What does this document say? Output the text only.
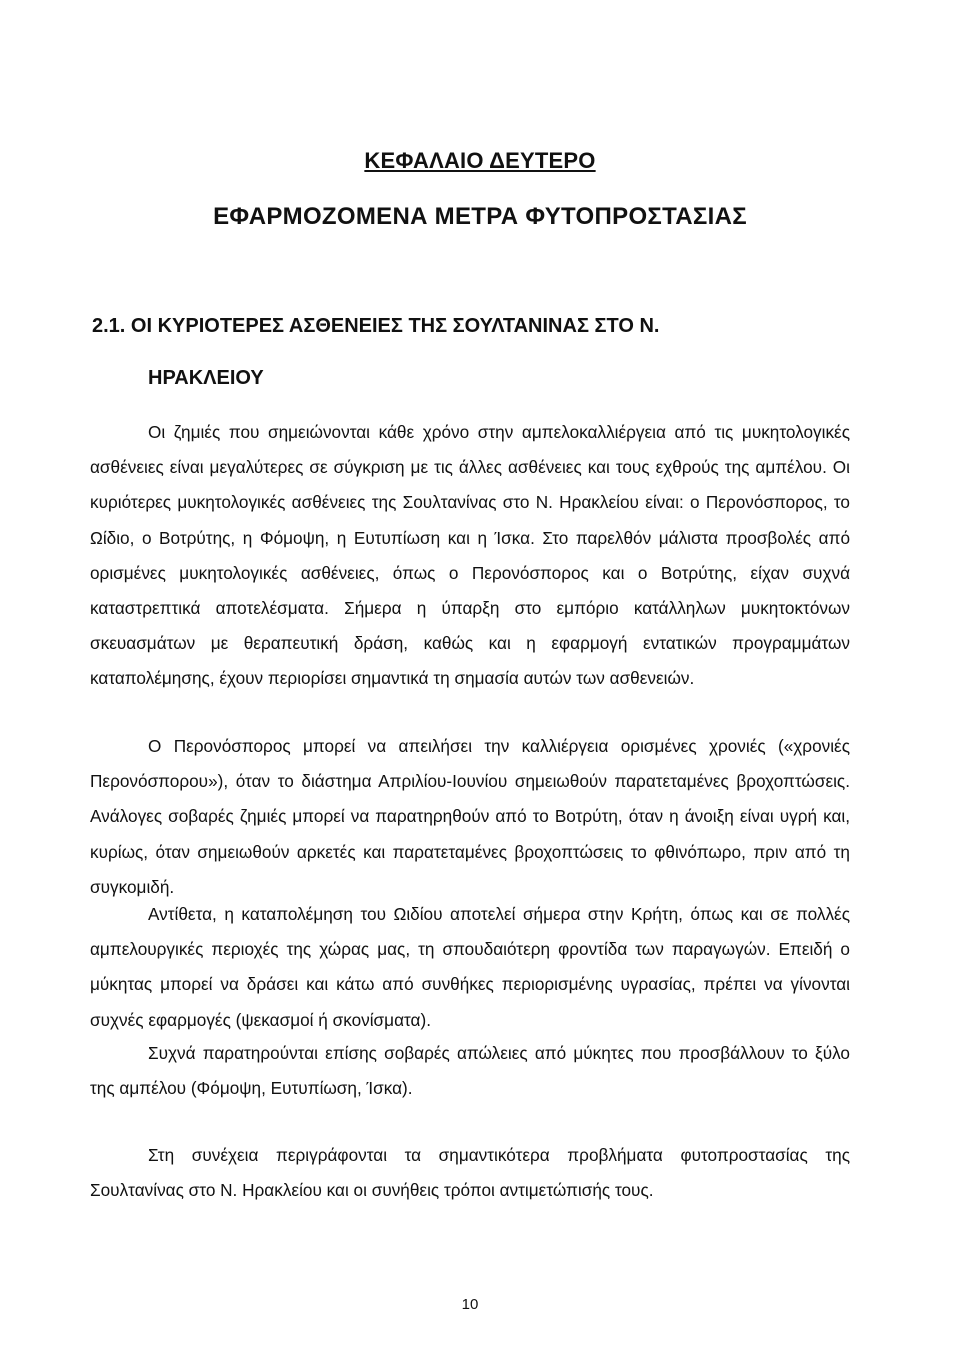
ΚΕΦΑΛΑΙΟ ΔΕΥΤΕΡΟ
ΕΦΑΡΜΟΖΟΜΕΝΑ ΜΕΤΡΑ ΦΥΤΟΠΡΟΣΤΑΣΙΑΣ
2.1. ΟΙ ΚΥΡΙΟΤΕΡΕΣ ΑΣΘΕΝΕΙΕΣ ΤΗΣ ΣΟΥΛΤΑΝΙΝΑΣ ΣΤΟ Ν.
ΗΡΑΚΛΕΙΟΥ

Οι ζημιές που σημειώνονται κάθε χρόνο στην αμπελοκαλλιέργεια από τις μυκητολογικές ασθένειες είναι μεγαλύτερες σε σύγκριση με τις άλλες ασθένειες και τους εχθρούς της αμπέλου. Οι κυριότερες μυκητολογικές ασθένειες της Σουλτανίνας στο Ν. Ηρακλείου είναι: ο Περονόσπορος, το Ωίδιο, ο Βοτρύτης, η Φόμοψη, η Ευτυπίωση και η Ίσκα. Στο παρελθόν μάλιστα προσβολές από ορισμένες μυκητολογικές ασθένειες, όπως ο Περονόσπορος και ο Βοτρύτης, είχαν συχνά καταστρεπτικά αποτελέσματα. Σήμερα η ύπαρξη στο εμπόριο κατάλληλων μυκητοκτόνων σκευασμάτων με θεραπευτική δράση, καθώς και η εφαρμογή εντατικών προγραμμάτων καταπολέμησης, έχουν περιορίσει σημαντικά τη σημασία αυτών των ασθενειών.

Ο Περονόσπορος μπορεί να απειλήσει την καλλιέργεια ορισμένες χρονιές («χρονιές Περονόσπορου»), όταν το διάστημα Απριλίου-Ιουνίου σημειωθούν παρατεταμένες βροχοπτώσεις. Ανάλογες σοβαρές ζημιές μπορεί να παρατηρηθούν από το Βοτρύτη, όταν η άνοιξη είναι υγρή και, κυρίως, όταν σημειωθούν αρκετές και παρατεταμένες βροχοπτώσεις το φθινόπωρο, πριν από τη συγκομιδή.

Αντίθετα, η καταπολέμηση του Ωιδίου αποτελεί σήμερα στην Κρήτη, όπως και σε πολλές αμπελουργικές περιοχές της χώρας μας, τη σπουδαιότερη φροντίδα των παραγωγών. Επειδή ο μύκητας μπορεί να δράσει και κάτω από συνθήκες περιορισμένης υγρασίας, πρέπει να γίνονται συχνές εφαρμογές (ψεκασμοί ή σκονίσματα).

Συχνά παρατηρούνται επίσης σοβαρές απώλειες από μύκητες που προσβάλλουν το ξύλο της αμπέλου (Φόμοψη, Ευτυπίωση, Ίσκα).

Στη συνέχεια περιγράφονται τα σημαντικότερα προβλήματα φυτοπροστασίας της Σουλτανίνας στο Ν. Ηρακλείου και οι συνήθεις τρόποι αντιμετώπισής τους.

10
